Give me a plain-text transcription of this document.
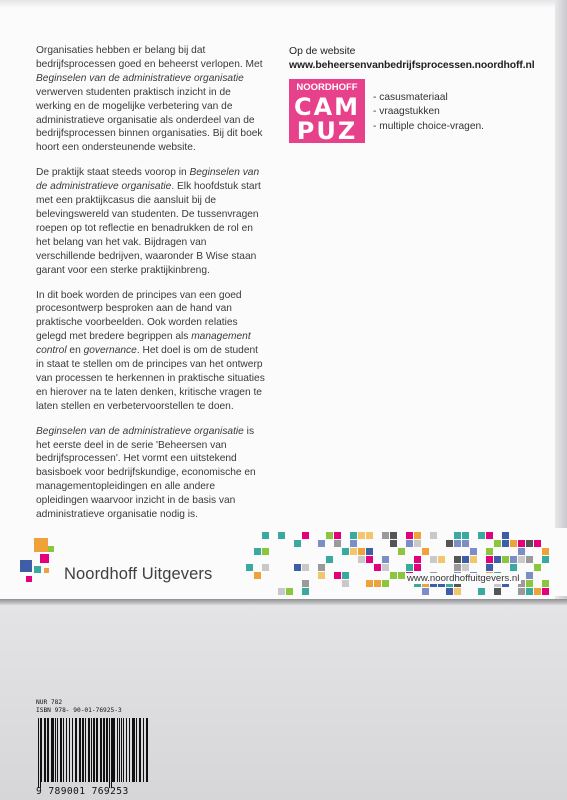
Organisaties hebben er belang bij dat bedrijfsprocessen goed en beheerst verlopen. Met Beginselen van de administratieve organisatie verwerven studenten praktisch inzicht in de werking en de mogelijke verbetering van de administratieve organisatie als onderdeel van de bedrijfsprocessen binnen organisaties. Bij dit boek hoort een ondersteunende website.

De praktijk staat steeds voorop in Beginselen van de administratieve organisatie. Elk hoofdstuk start met een praktijkcasus die aansluit bij de belevingswereld van studenten. De tussenvragen roepen op tot reflectie en benadrukken de rol en het belang van het vak. Bijdragen van verschillende bedrijven, waaronder B Wise staan garant voor een sterke praktijkinbreng.

In dit boek worden de principes van een goed procesontwerp besproken aan de hand van praktische voorbeelden. Ook worden relaties gelegd met bredere begrippen als management control en governance. Het doel is om de student in staat te stellen om de principes van het ontwerp van processen te herkennen in praktische situaties en hierover na te laten denken, kritische vragen te laten stellen en verbetervoorstellen te doen.

Beginselen van de administratieve organisatie is het eerste deel in de serie 'Beheersen van bedrijfsprocessen'. Het vormt een uitstekend basisboek voor bedrijfskundige, economische en managementopleidingen en alle andere opleidingen waarvoor inzicht in de basis van administratieve organisatie nodig is.

Op de website
www.beheersenvanbedrijfsprocessen.noordhoff.nl
NOORDHOFF
CAM
PUZ
- casusmateriaal
- vraagstukken
- multiple choice-vragen.
Noordhoff Uitgevers	www.noordhoffuitgevers.nl
NUR 782
ISBN 978- 90-01-76925-3
9 789001 769253
